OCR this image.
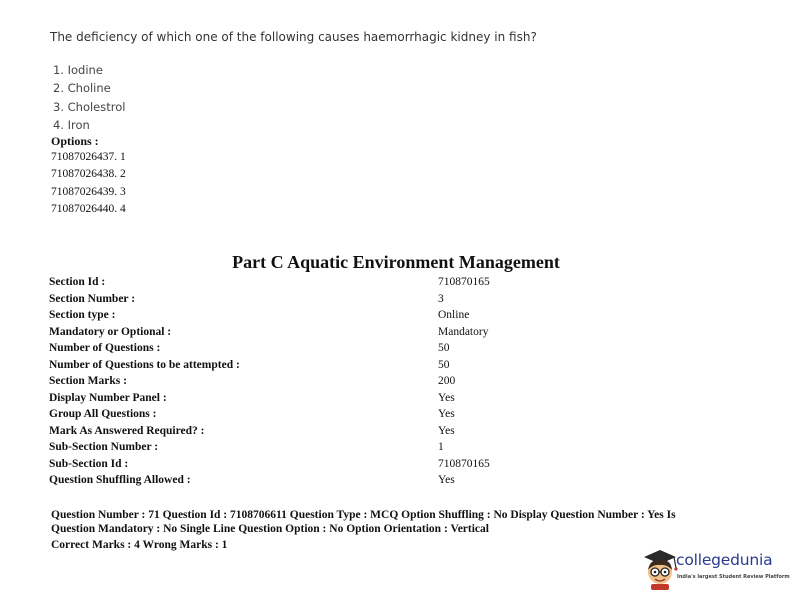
The deficiency of which one of the following causes haemorrhagic kidney in fish?
1. Iodine
2. Choline
3. Cholestrol
4. Iron
Options :
71087026437. 1
71087026438. 2
71087026439. 3
71087026440. 4
Part C Aquatic Environment Management
Section Id :	710870165
Section Number :	3
Section type :	Online
Mandatory or Optional :	Mandatory
Number of Questions :	50
Number of Questions to be attempted :	50
Section Marks :	200
Display Number Panel :	Yes
Group All Questions :	Yes
Mark As Answered Required? :	Yes
Sub-Section Number :	1
Sub-Section Id :	710870165
Question Shuffling Allowed :	Yes
Question Number : 71 Question Id : 7108706611 Question Type : MCQ Option Shuffling : No Display Question Number : Yes Is Question Mandatory : No Single Line Question Option : No Option Orientation : Vertical
Correct Marks : 4 Wrong Marks : 1
collegedunia
India's largest Student Review Platform
